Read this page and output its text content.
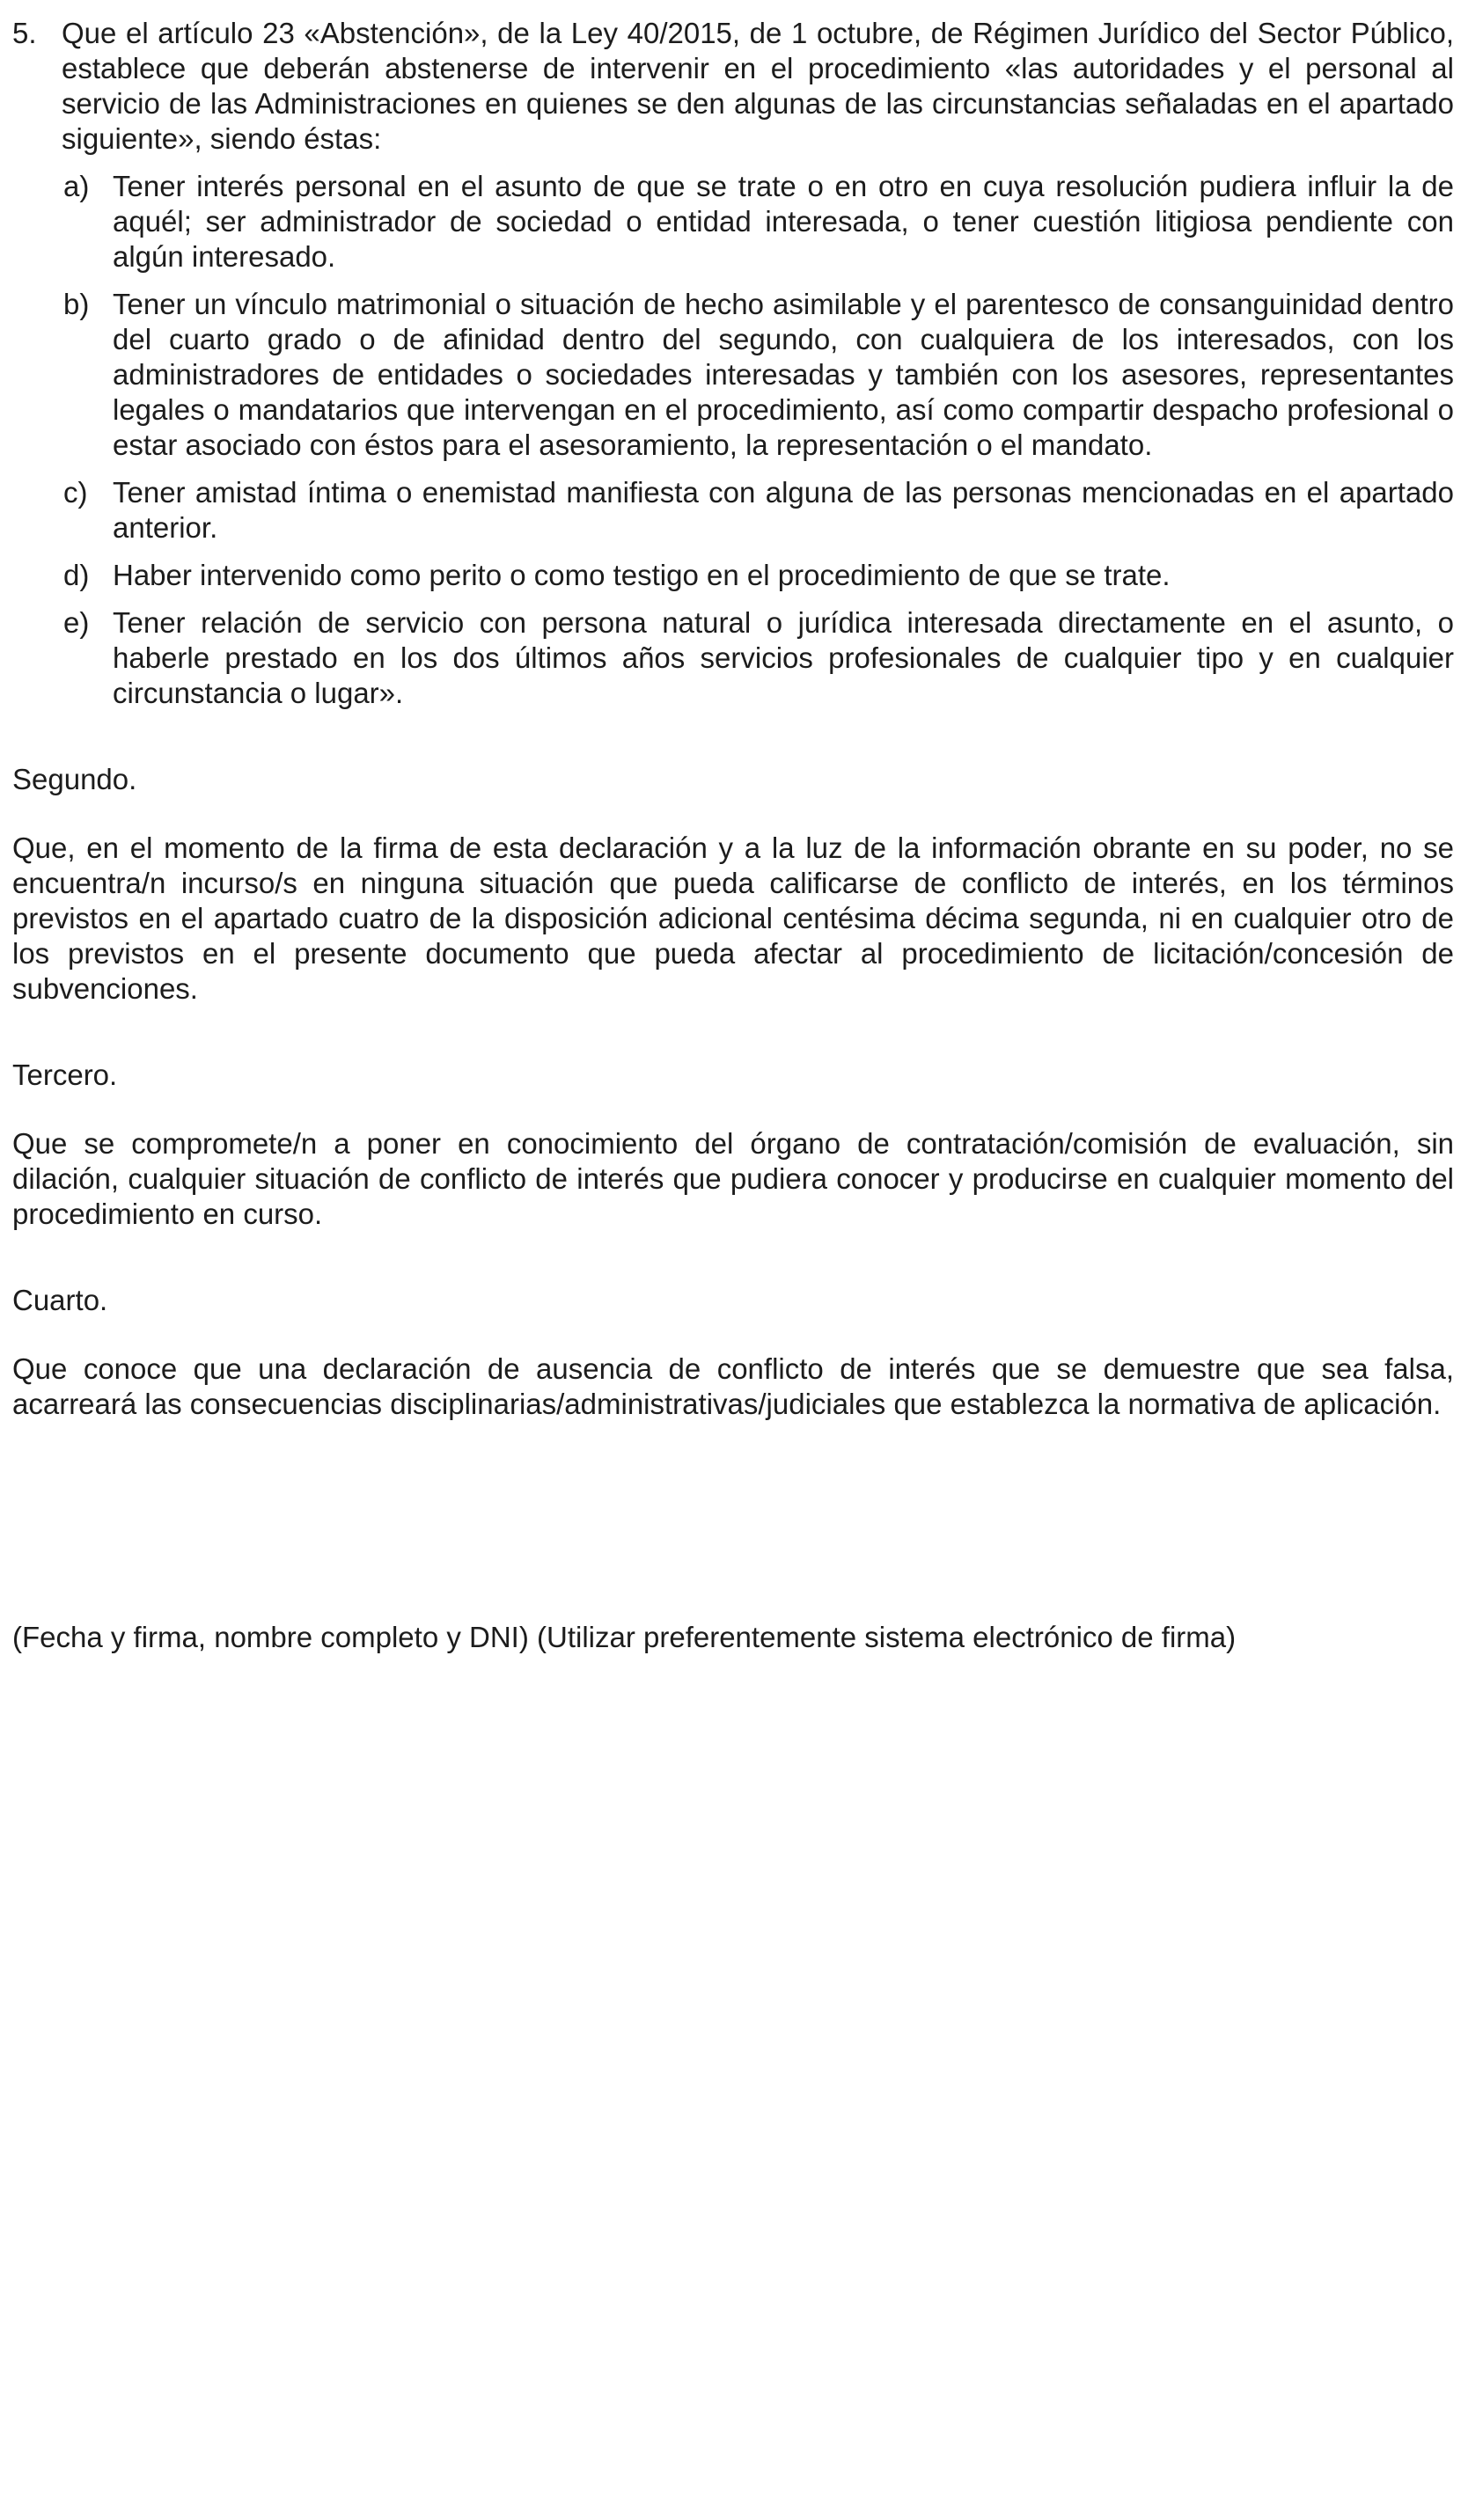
5. Que el artículo 23 «Abstención», de la Ley 40/2015, de 1 octubre, de Régimen Jurídico del Sector Público, establece que deberán abstenerse de intervenir en el procedimiento «las autoridades y el personal al servicio de las Administraciones en quienes se den algunas de las circunstancias señaladas en el apartado siguiente», siendo éstas:

a) Tener interés personal en el asunto de que se trate o en otro en cuya resolución pudiera influir la de aquél; ser administrador de sociedad o entidad interesada, o tener cuestión litigiosa pendiente con algún interesado.

b) Tener un vínculo matrimonial o situación de hecho asimilable y el parentesco de consanguinidad dentro del cuarto grado o de afinidad dentro del segundo, con cualquiera de los interesados, con los administradores de entidades o sociedades interesadas y también con los asesores, representantes legales o mandatarios que intervengan en el procedimiento, así como compartir despacho profesional o estar asociado con éstos para el asesoramiento, la representación o el mandato.

c) Tener amistad íntima o enemistad manifiesta con alguna de las personas mencionadas en el apartado anterior.

d) Haber intervenido como perito o como testigo en el procedimiento de que se trate.

e) Tener relación de servicio con persona natural o jurídica interesada directamente en el asunto, o haberle prestado en los dos últimos años servicios profesionales de cualquier tipo y en cualquier circunstancia o lugar».

Segundo.

Que, en el momento de la firma de esta declaración y a la luz de la información obrante en su poder, no se encuentra/n incurso/s en ninguna situación que pueda calificarse de conflicto de interés, en los términos previstos en el apartado cuatro de la disposición adicional centésima décima segunda, ni en cualquier otro de los previstos en el presente documento que pueda afectar al procedimiento de licitación/concesión de subvenciones.

Tercero.

Que se compromete/n a poner en conocimiento del órgano de contratación/comisión de evaluación, sin dilación, cualquier situación de conflicto de interés que pudiera conocer y producirse en cualquier momento del procedimiento en curso.

Cuarto.

Que conoce que una declaración de ausencia de conflicto de interés que se demuestre que sea falsa, acarreará las consecuencias disciplinarias/administrativas/judiciales que establezca la normativa de aplicación.

(Fecha y firma, nombre completo y DNI) (Utilizar preferentemente sistema electrónico de firma)
